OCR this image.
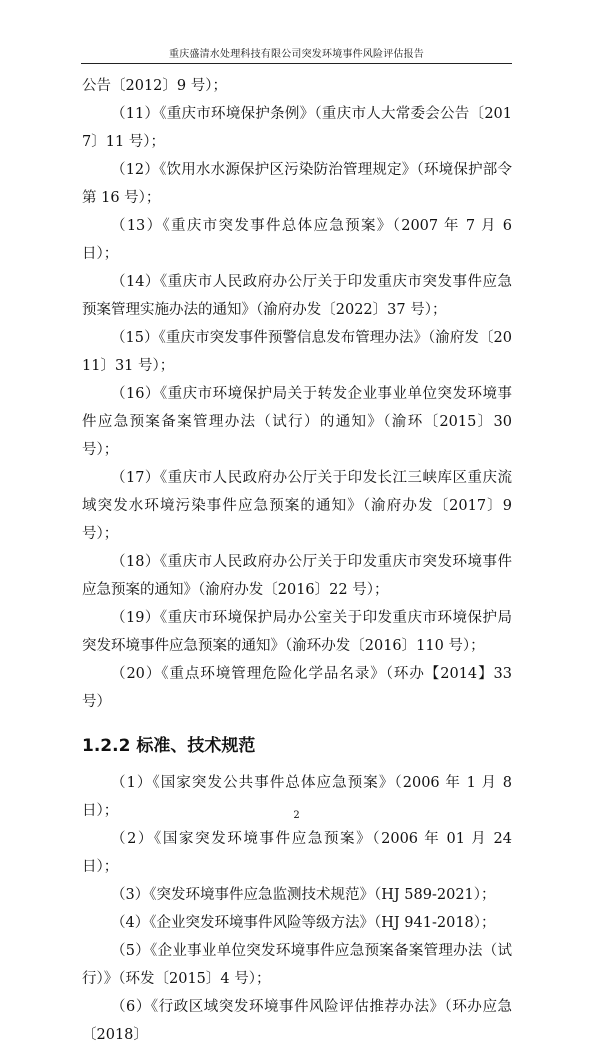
重庆盛清水处理科技有限公司突发环境事件风险评估报告

公告〔2012〕9 号）；

（11）《重庆市环境保护条例》（重庆市人大常委会公告〔2017〕11 号）；

（12）《饮用水水源保护区污染防治管理规定》（环境保护部令第 16 号）；

（13）《重庆市突发事件总体应急预案》（2007 年 7 月 6 日）；

（14）《重庆市人民政府办公厅关于印发重庆市突发事件应急预案管理实施办法的通知》（渝府办发〔2022〕37 号）；

（15）《重庆市突发事件预警信息发布管理办法》（渝府发〔2011〕31 号）；

（16）《重庆市环境保护局关于转发企业事业单位突发环境事件应急预案备案管理办法（试行）的通知》（渝环〔2015〕30 号）；

（17）《重庆市人民政府办公厅关于印发长江三峡库区重庆流域突发水环境污染事件应急预案的通知》（渝府办发〔2017〕9 号）；

（18）《重庆市人民政府办公厅关于印发重庆市突发环境事件应急预案的通知》（渝府办发〔2016〕22 号）；

（19）《重庆市环境保护局办公室关于印发重庆市环境保护局突发环境事件应急预案的通知》（渝环办发〔2016〕110 号）；

（20）《重点环境管理危险化学品名录》（环办【2014】33 号）

1.2.2 标准、技术规范

（1）《国家突发公共事件总体应急预案》（2006 年 1 月 8 日）；

（2）《国家突发环境事件应急预案》（2006 年 01 月 24 日）；

（3）《突发环境事件应急监测技术规范》（HJ 589-2021）；

（4）《企业突发环境事件风险等级方法》（HJ 941-2018）；

（5）《企业事业单位突发环境事件应急预案备案管理办法（试行）》（环发〔2015〕4 号）；

（6）《行政区域突发环境事件风险评估推荐办法》（环办应急〔2018〕

2
